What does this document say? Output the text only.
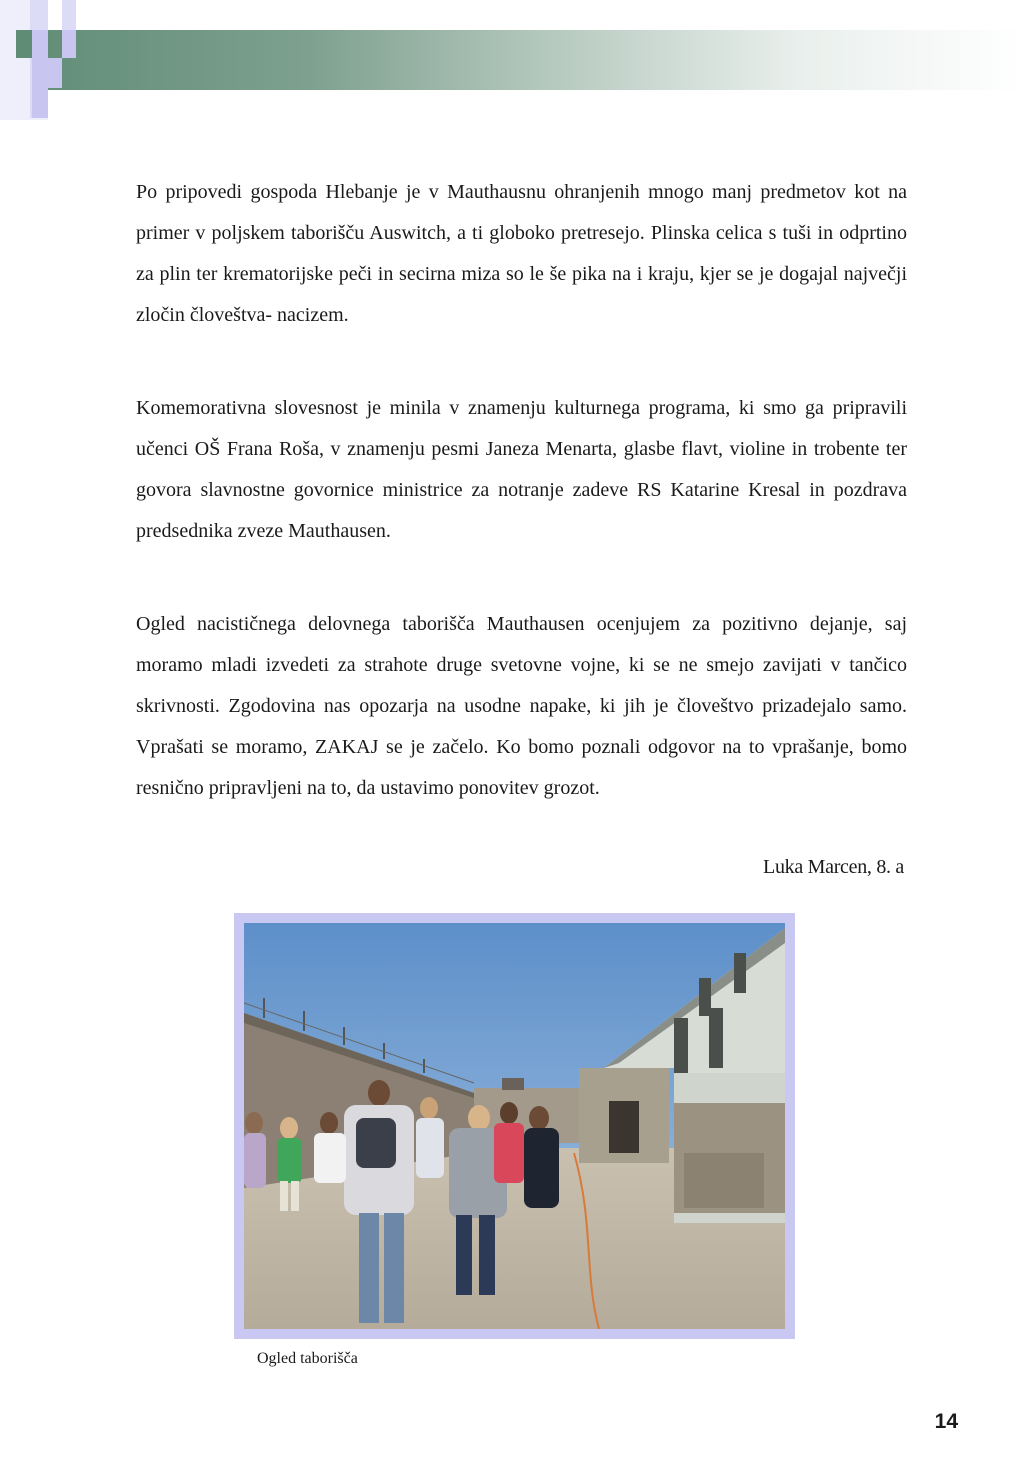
Po pripovedi gospoda Hlebanje je v Mauthausnu ohranjenih mnogo manj predmetov kot na primer v poljskem taborišču Auswitch, a ti globoko pretresejo. Plinska celica s tuši in odprtino za plin ter krematorijske peči in secirna miza so le še pika na i kraju, kjer se je dogajal največji zločin človeštva- nacizem.

Komemorativna slovesnost je minila v znamenju kulturnega programa, ki smo ga pripravili učenci OŠ Frana Roša, v znamenju pesmi Janeza Menarta, glasbe flavt, violine in trobente ter govora slavnostne govornice ministrice za notranje zadeve RS Katarine Kresal in pozdrava predsednika zveze Mauthausen.

Ogled nacističnega delovnega taborišča Mauthausen ocenjujem za pozitivno dejanje, saj moramo mladi izvedeti za strahote druge svetovne vojne, ki se ne smejo zavijati v tančico skrivnosti. Zgodovina nas opozarja na usodne napake, ki jih je človeštvo prizadejalo samo. Vprašati se moramo, ZAKAJ se je začelo. Ko bomo poznali odgovor na to vprašanje, bomo resnično pripravljeni na to, da ustavimo ponovitev grozot.

Luka Marcen, 8. a
Ogled taborišča
14
